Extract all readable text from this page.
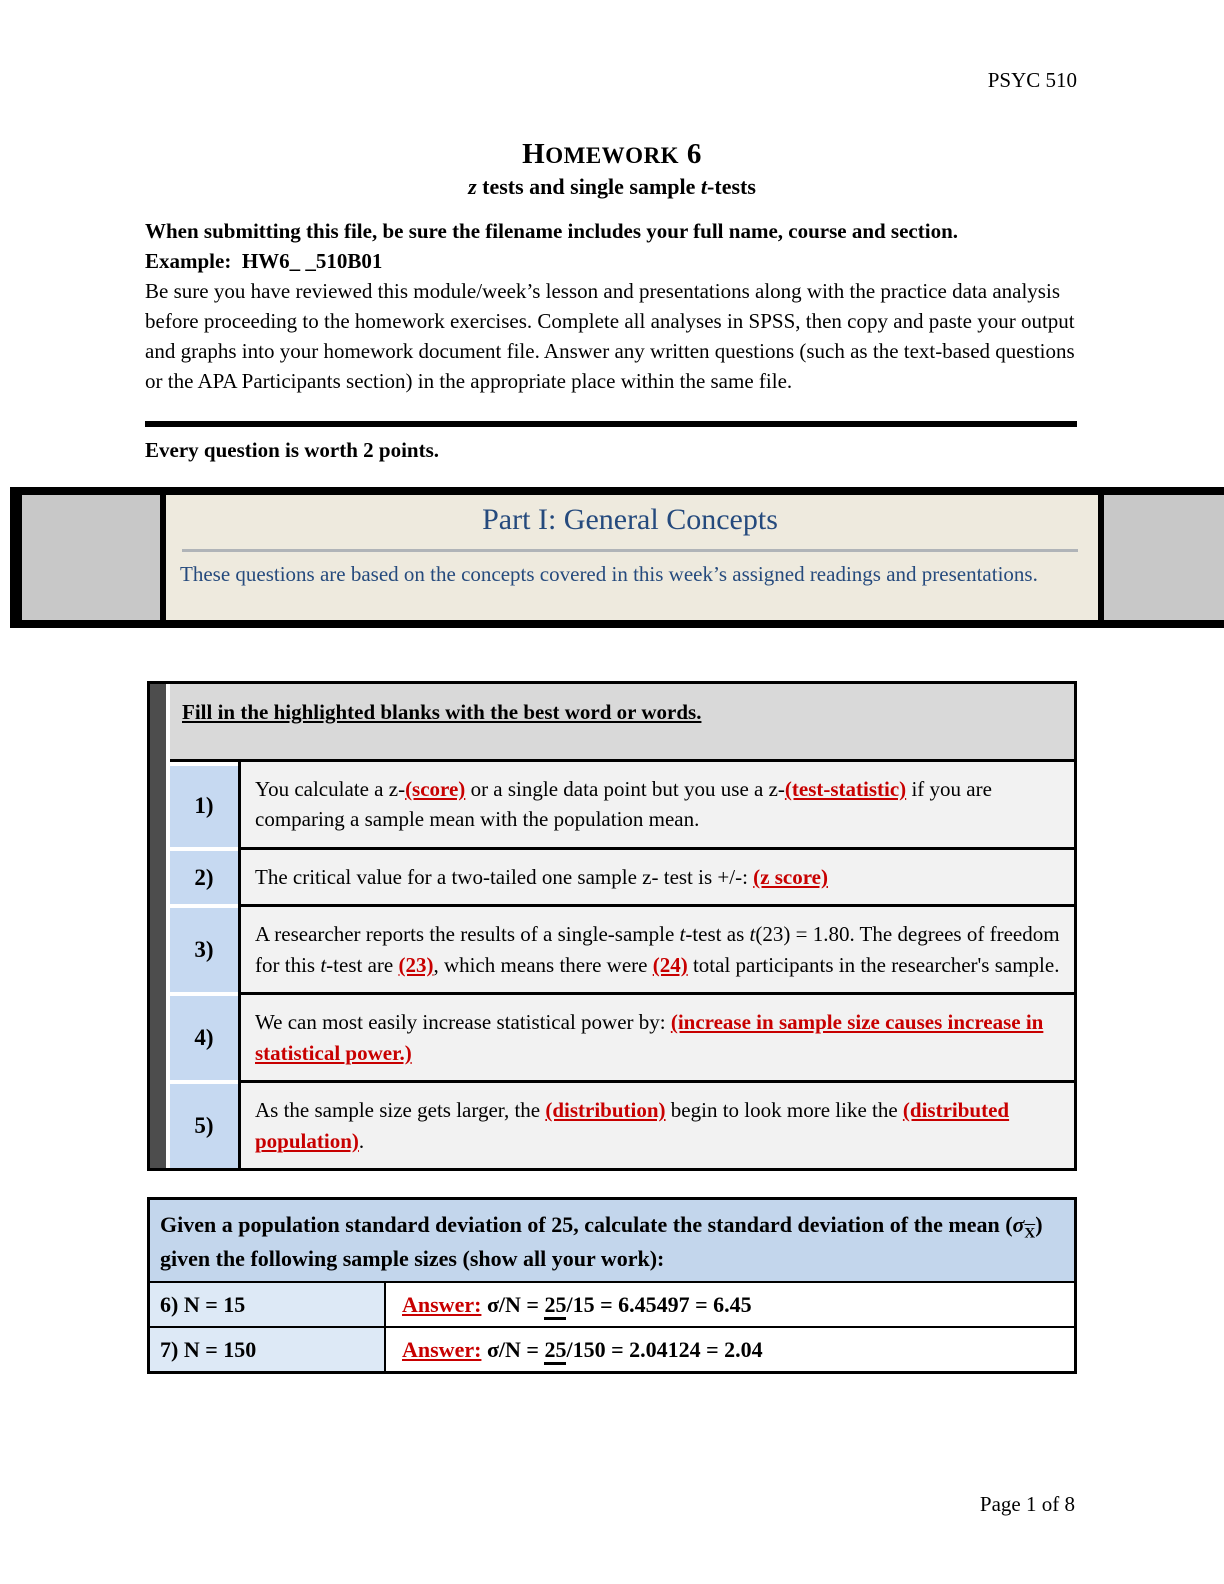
PSYC 510
HOMEWORK 6
z tests and single sample t-tests
When submitting this file, be sure the filename includes your full name, course and section.
Example:  HW6_ _510B01
Be sure you have reviewed this module/week’s lesson and presentations along with the practice data analysis before proceeding to the homework exercises. Complete all analyses in SPSS, then copy and paste your output and graphs into your homework document file. Answer any written questions (such as the text-based questions or the APA Participants section) in the appropriate place within the same file.
Every question is worth 2 points.
Part I: General Concepts
These questions are based on the concepts covered in this week’s assigned readings and presentations.
Fill in the highlighted blanks with the best word or words.
1)
You calculate a z-(score) or a single data point but you use a z-(test-statistic) if you are comparing a sample mean with the population mean.
2)	The critical value for a two-tailed one sample z- test is +/-: (z score)
3)
A researcher reports the results of a single-sample t-test as t(23) = 1.80. The degrees of freedom for this t-test are (23), which means there were (24) total participants in the researcher's sample.
4)
We can most easily increase statistical power by: (increase in sample size causes increase in statistical power.)
5)
As the sample size gets larger, the (distribution) begin to look more like the (distributed population).
Given a population standard deviation of 25, calculate the standard deviation of the mean $(\sigma_{\overline{X}})$ given the following sample sizes (show all your work):
6) N = 15	Answer: σ/N = 25/15 = 6.45497 = 6.45
7) N = 150	Answer: σ/N = 25/150 = 2.04124 = 2.04
Page 1 of 8
